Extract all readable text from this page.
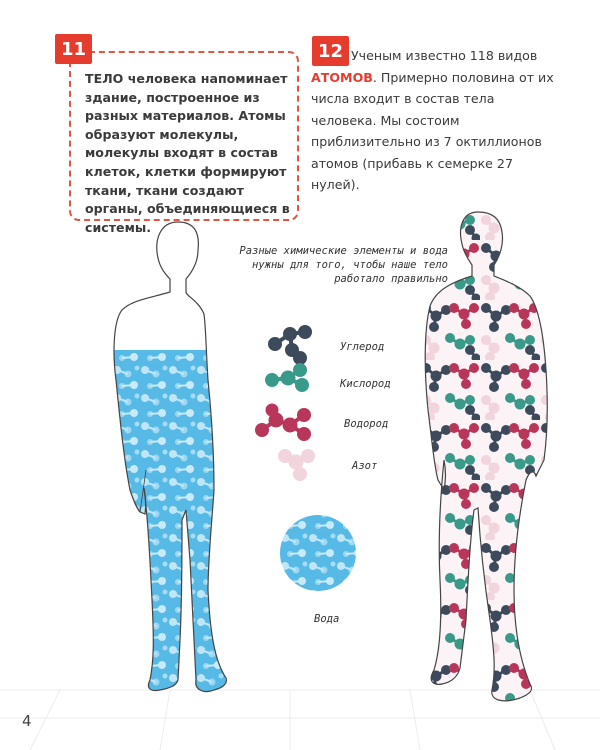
11
ТЕЛО человека напоминает здание, построенное из разных материалов. Атомы образуют молекулы, молекулы входят в состав клеток, клетки формируют ткани, ткани создают органы, объединяющиеся в системы.
12 Ученым известно 118 видов АТОМОВ. Примерно половина от их числа входит в состав тела человека. Мы состоим приблизительно из 7 октиллионов атомов (прибавь к семерке 27 нулей).
Разные химические элементы и вода нужны для того, чтобы наше тело работало правильно
Углерод
Кислород
Водород
Азот
Вода
4
